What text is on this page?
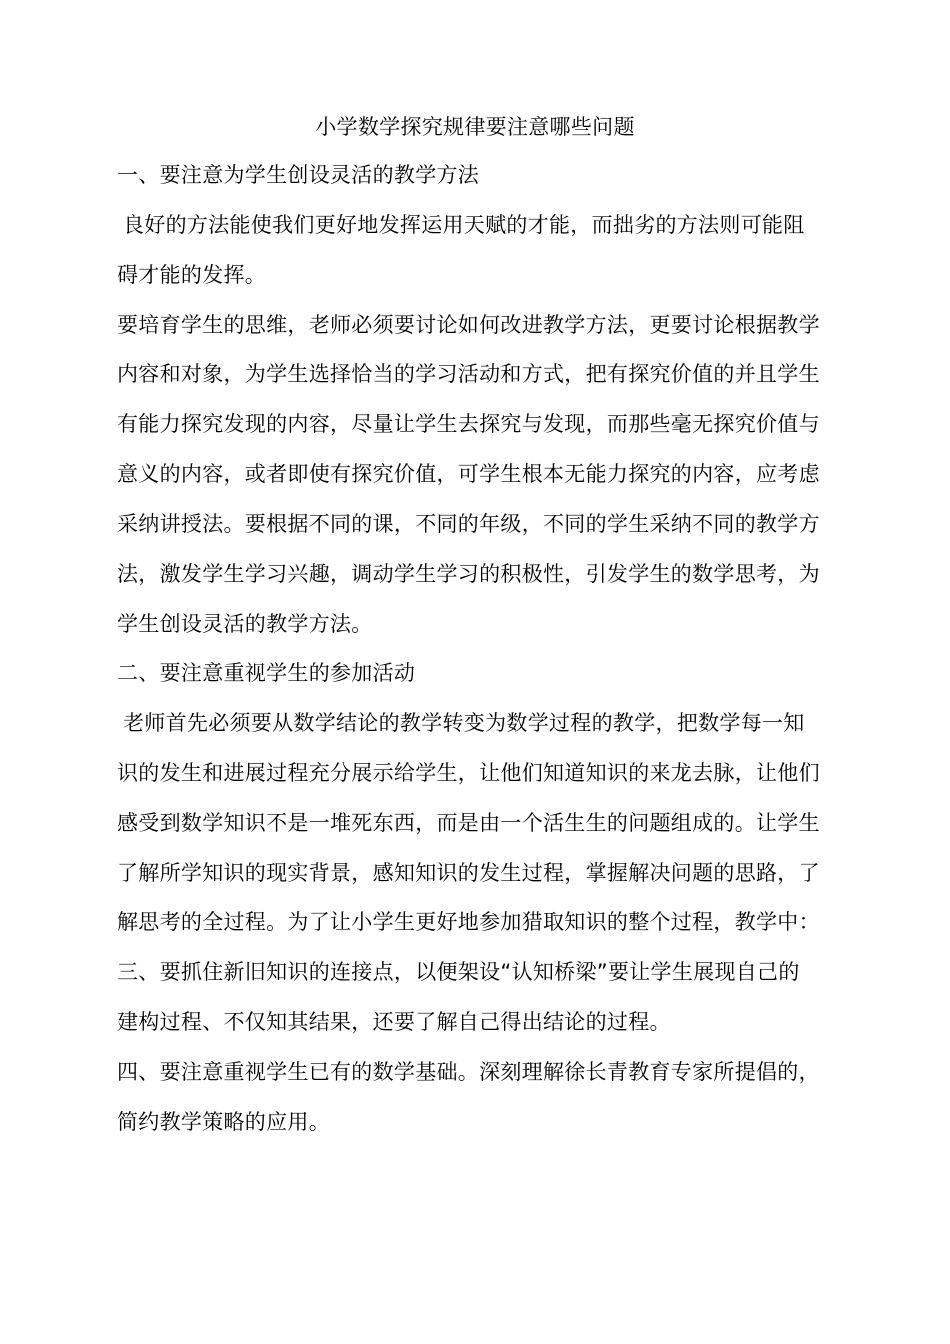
小学数学探究规律要注意哪些问题
一、要注意为学生创设灵活的教学方法

良好的方法能使我们更好地发挥运用天赋的才能，而拙劣的方法则可能阻

碍才能的发挥。

要培育学生的思维，老师必须要讨论如何改进教学方法，更要讨论根据教学

内容和对象，为学生选择恰当的学习活动和方式，把有探究价值的并且学生

有能力探究发现的内容，尽量让学生去探究与发现，而那些毫无探究价值与

意义的内容，或者即使有探究价值，可学生根本无能力探究的内容，应考虑

采纳讲授法。要根据不同的课，不同的年级，不同的学生采纳不同的教学方

法，激发学生学习兴趣，调动学生学习的积极性，引发学生的数学思考，为

学生创设灵活的教学方法。

二、要注意重视学生的参加活动

老师首先必须要从数学结论的教学转变为数学过程的教学，把数学每一知

识的发生和进展过程充分展示给学生，让他们知道知识的来龙去脉，让他们

感受到数学知识不是一堆死东西，而是由一个活生生的问题组成的。让学生

了解所学知识的现实背景，感知知识的发生过程，掌握解决问题的思路，了

解思考的全过程。为了让小学生更好地参加猎取知识的整个过程，教学中：

三、要抓住新旧知识的连接点，以便架设“认知桥梁”要让学生展现自己的

建构过程、不仅知其结果，还要了解自己得出结论的过程。

四、要注意重视学生已有的数学基础。深刻理解徐长青教育专家所提倡的，

简约教学策略的应用。
